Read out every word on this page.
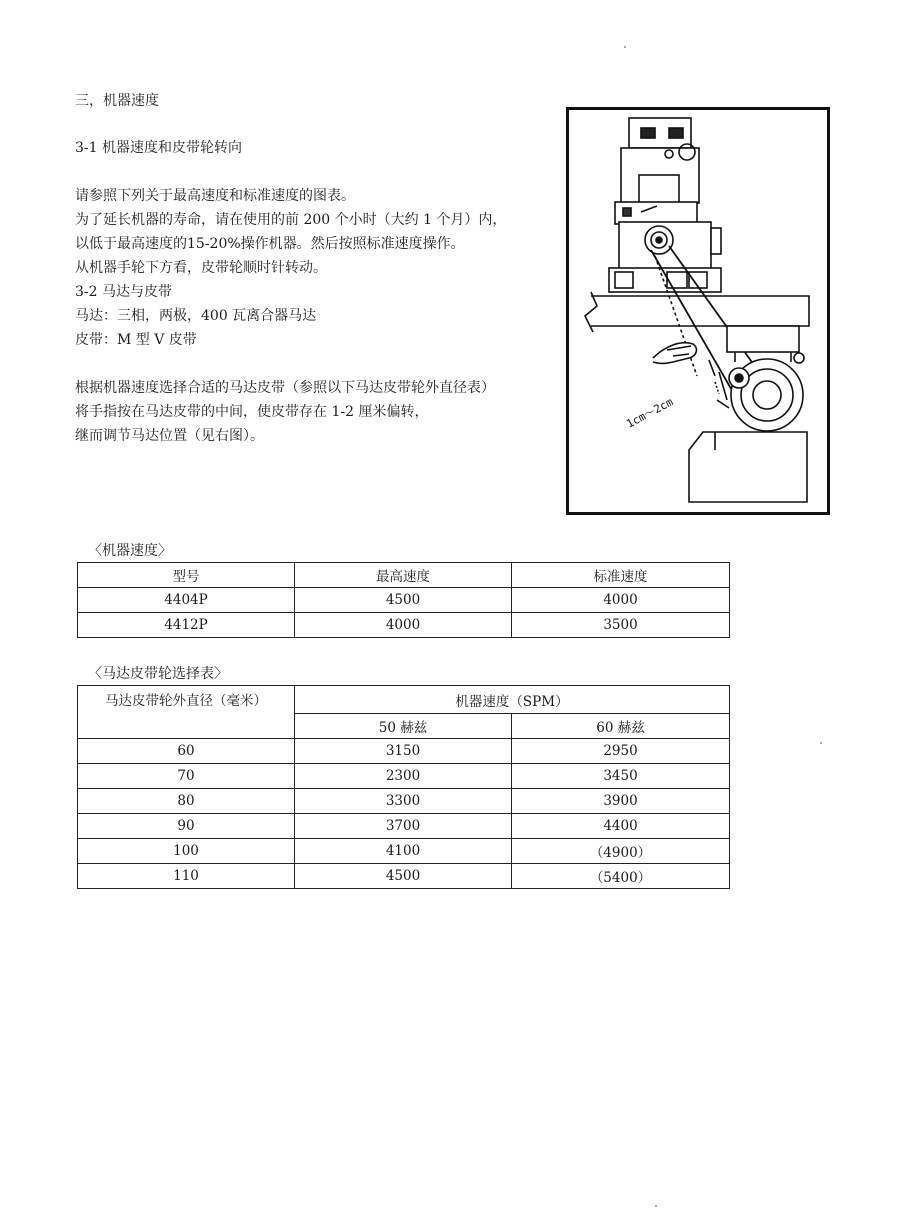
三，机器速度
3-1 机器速度和皮带轮转向
请参照下列关于最高速度和标准速度的图表。
为了延长机器的寿命，请在使用的前 200 个小时（大约 1 个月）内，
以低于最高速度的15-20%操作机器。然后按照标准速度操作。
从机器手轮下方看，皮带轮顺时针转动。
3-2 马达与皮带
马达：三相，两极，400 瓦离合器马达
皮带：M 型 V 皮带
根据机器速度选择合适的马达皮带（参照以下马达皮带轮外直径表）
将手指按在马达皮带的中间，使皮带存在 1-2 厘米偏转，
继而调节马达位置（见右图）。
1cm～2cm
〈机器速度〉
型号	最高速度	标准速度
4404P	4500	4000
4412P	4000	3500
〈马达皮带轮选择表〉
马达皮带轮外直径（毫米）	机器速度（SPM）	
	50 赫兹	60 赫兹
60	3150	2950
70	2300	3450
80	3300	3900
90	3700	4400
100	4100	（4900）
110	4500	（5400）
